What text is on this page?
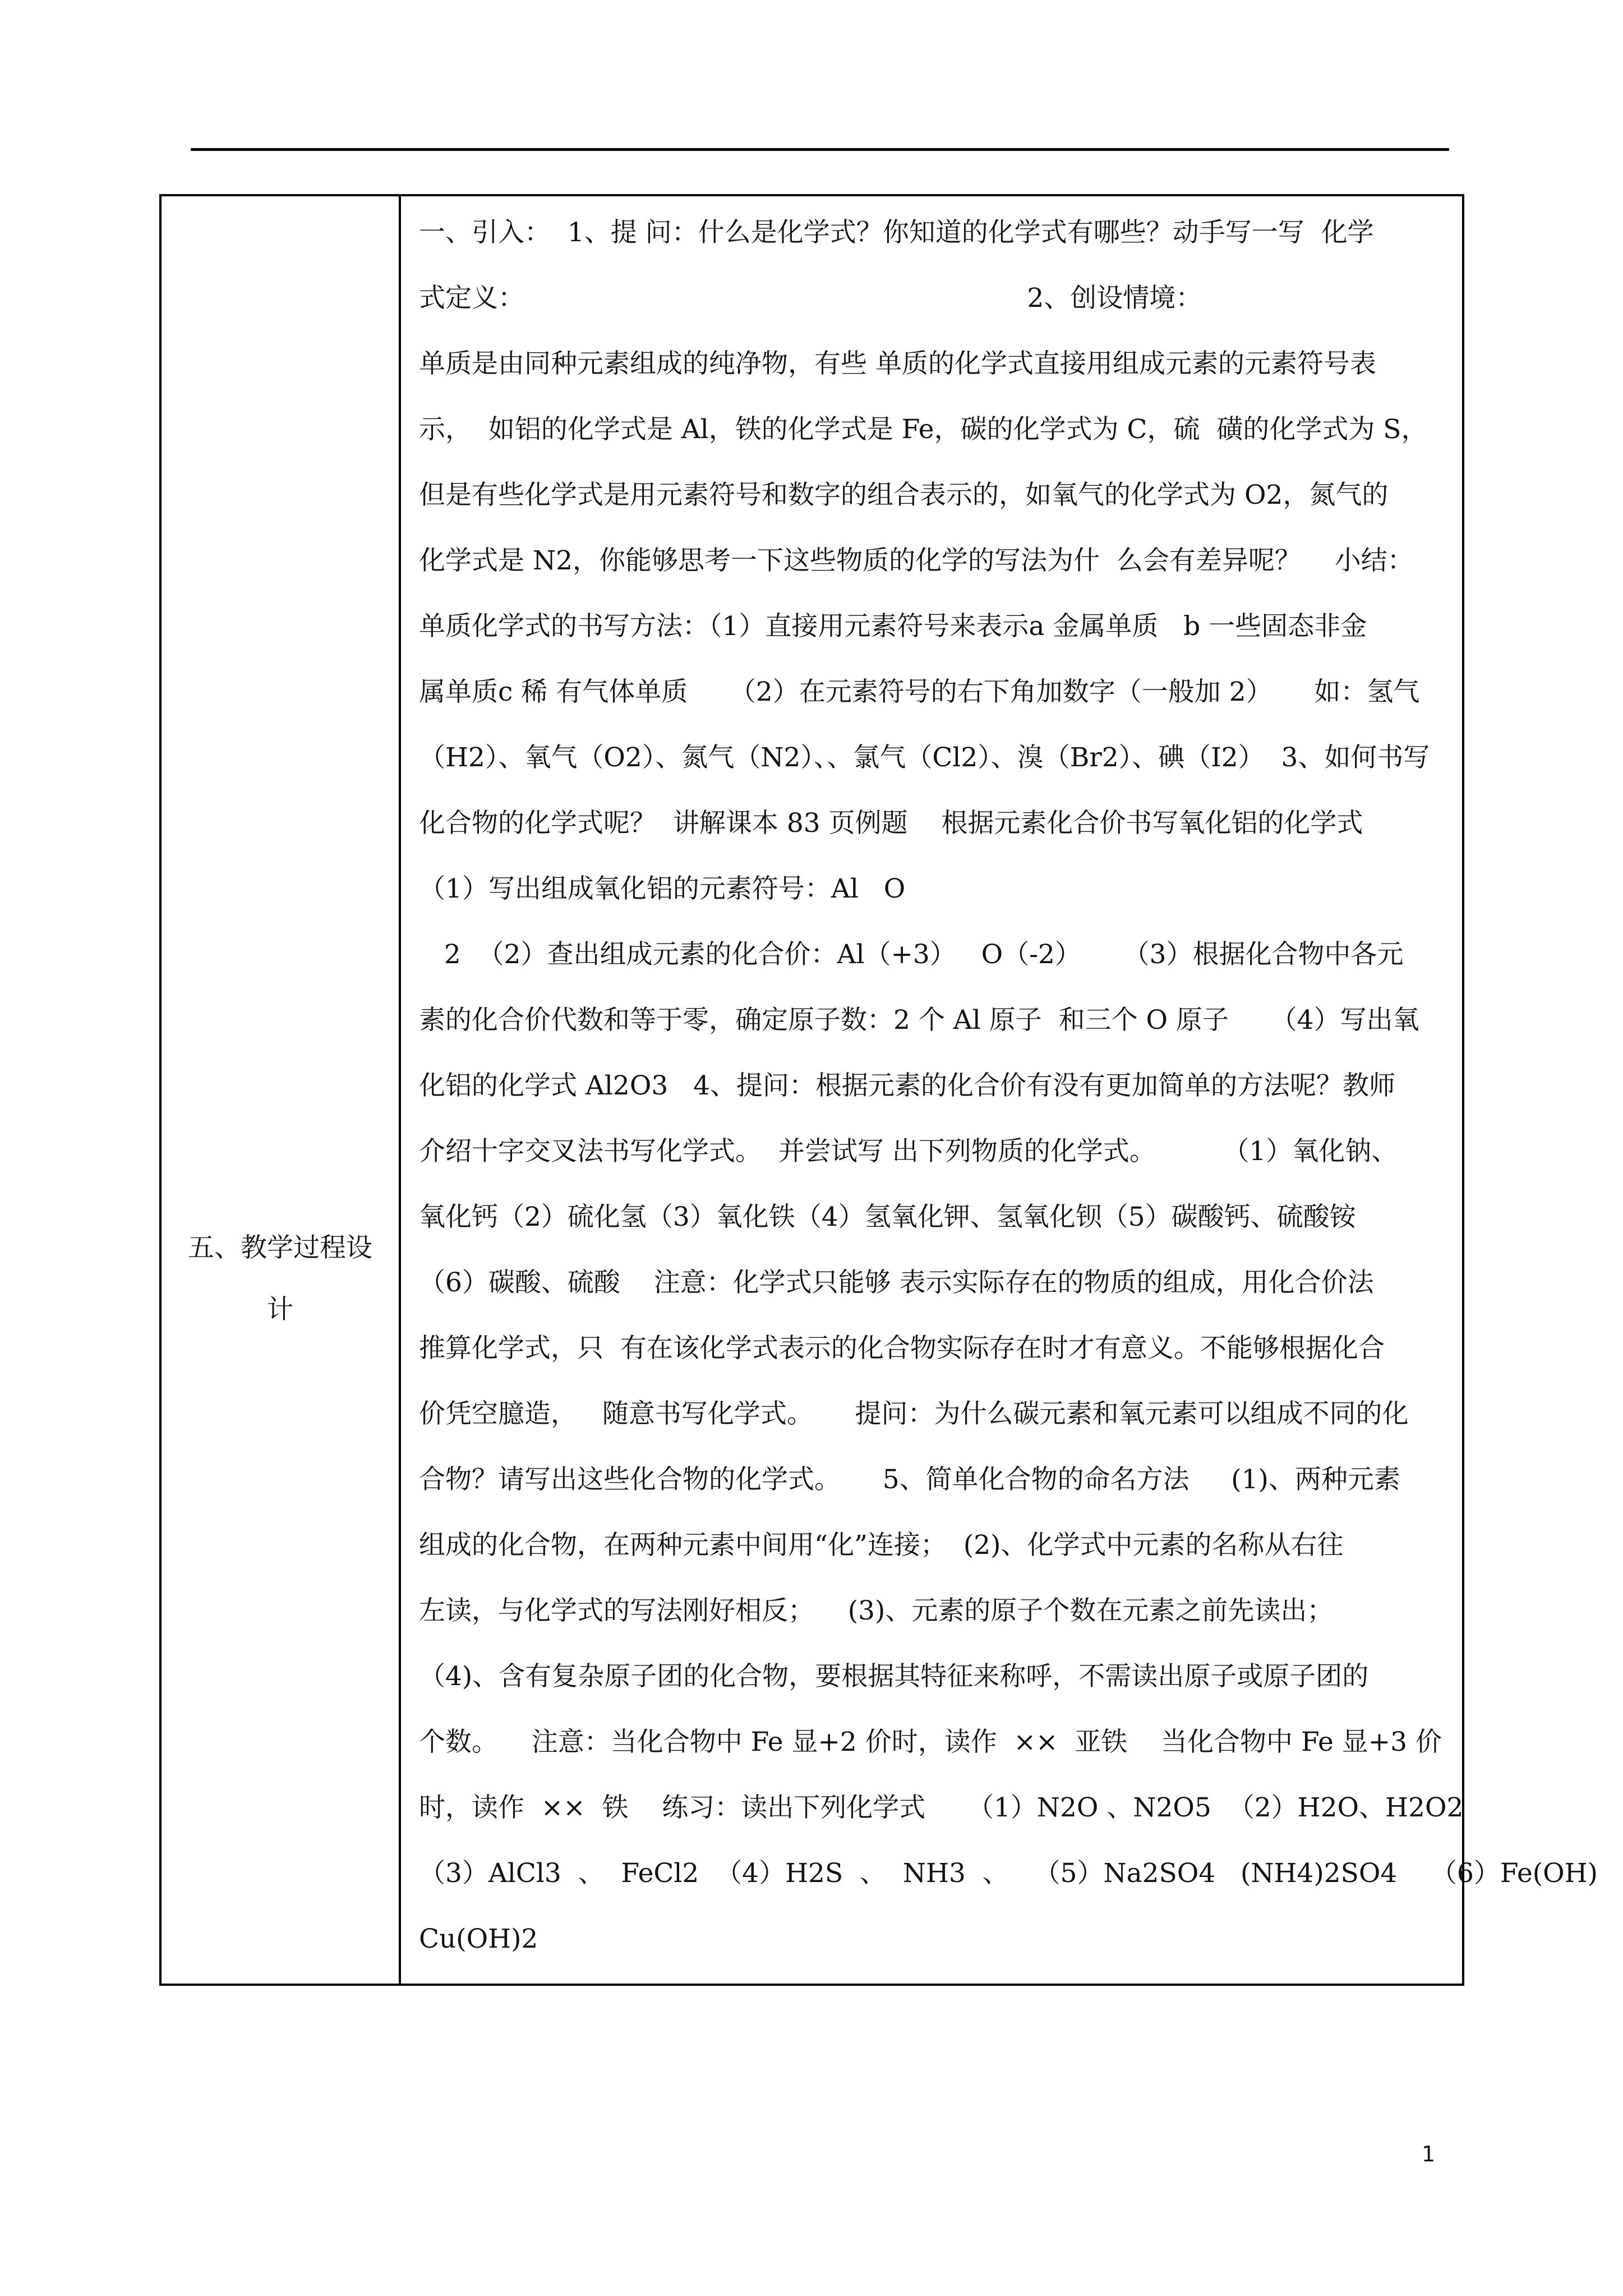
五、教学过程设
计
一、引入：  1、提 问：什么是化学式？你知道的化学式有哪些？动手写一写  化学
式定义：                                                            2、创设情境：
单质是由同种元素组成的纯净物，有些 单质的化学式直接用组成元素的元素符号表
示，  如铝的化学式是 Al，铁的化学式是 Fe，碳的化学式为 C，硫  磺的化学式为 S，
但是有些化学式是用元素符号和数字的组合表示的，如氧气的化学式为 O2，氮气的
化学式是 N2，你能够思考一下这些物质的化学的写法为什  么会有差异呢？    小结：
单质化学式的书写方法：（1）直接用元素符号来表示a 金属单质   b 一些固态非金
属单质c 稀 有气体单质     （2）在元素符号的右下角加数字（一般加 2）     如：氢气
（H2）、氧气（O2）、氮气（N2）、、氯气（Cl2）、溴（Br2）、碘（I2）  3、如何书写
化合物的化学式呢？  讲解课本 83 页例题    根据元素化合价书写氧化铝的化学式
（1）写出组成氧化铝的元素符号：Al   O
2  （2）查出组成元素的化合价：Al（+3）   O（-2）     （3）根据化合物中各元
素的化合价代数和等于零，确定原子数：2 个 Al 原子  和三个 O 原子     （4）写出氧
化铝的化学式 Al2O3   4、提问：根据元素的化合价有没有更加简单的方法呢？教师
介绍十字交叉法书写化学式。  并尝试写 出下列物质的化学式。        （1）氧化钠、
氧化钙（2）硫化氢（3）氧化铁（4）氢氧化钾、氢氧化钡（5）碳酸钙、硫酸铵
（6）碳酸、硫酸    注意：化学式只能够 表示实际存在的物质的组成，用化合价法
推算化学式，只  有在该化学式表示的化合物实际存在时才有意义。不能够根据化合
价凭空臆造，   随意书写化学式。     提问：为什么碳元素和氧元素可以组成不同的化
合物？请写出这些化合物的化学式。     5、简单化合物的命名方法     (1)、两种元素
组成的化合物，在两种元素中间用“化”连接；  (2)、化学式中元素的名称从右往
左读，与化学式的写法刚好相反；    (3)、元素的原子个数在元素之前先读出；
（4)、含有复杂原子团的化合物，要根据其特征来称呼，不需读出原子或原子团的
个数。    注意：当化合物中 Fe 显+2 价时，读作  ××  亚铁    当化合物中 Fe 显+3 价
时，读作  ××  铁    练习：读出下列化学式     （1）N2O 、N2O5  （2）H2O、H2O2
（3）AlCl3  、  FeCl2  （4）H2S  、  NH3  、   （5）Na2SO4   (NH4)2SO4    （6）Fe(OH)
Cu(OH)2
1
